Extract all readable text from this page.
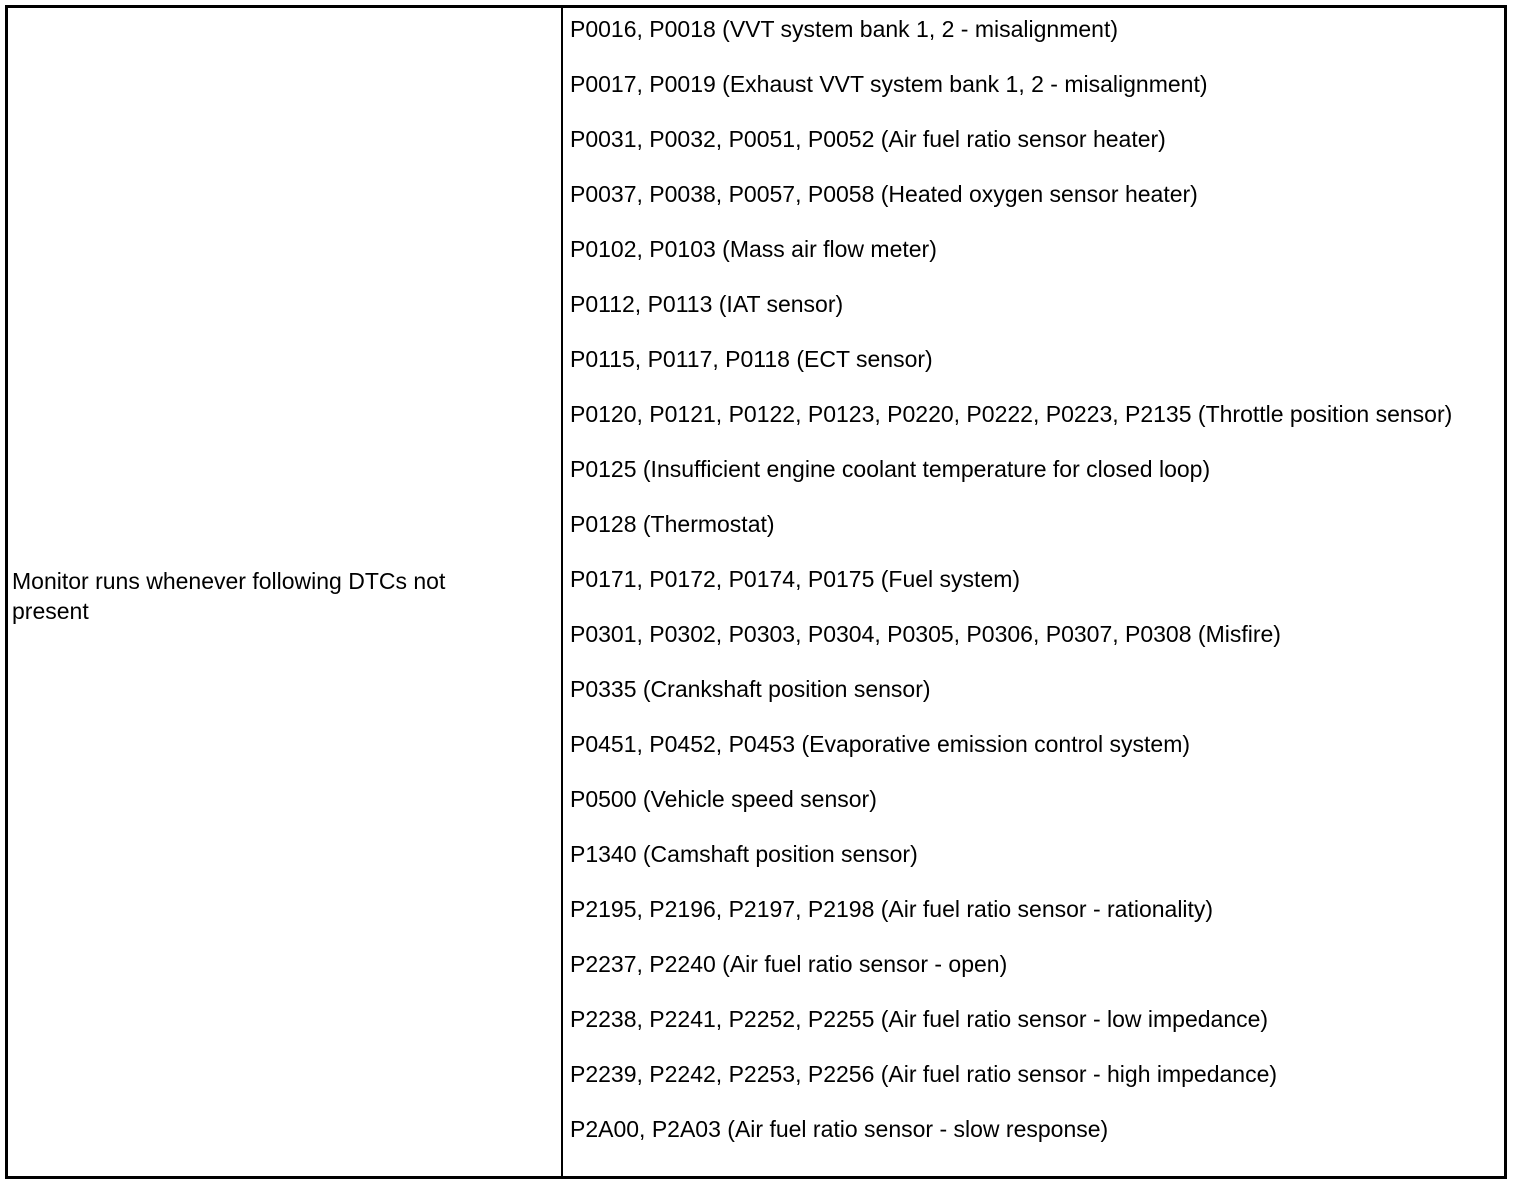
Monitor runs whenever following DTCs not present
P0016, P0018 (VVT system bank 1, 2 - misalignment)
P0017, P0019 (Exhaust VVT system bank 1, 2 - misalignment)
P0031, P0032, P0051, P0052 (Air fuel ratio sensor heater)
P0037, P0038, P0057, P0058 (Heated oxygen sensor heater)
P0102, P0103 (Mass air flow meter)
P0112, P0113 (IAT sensor)
P0115, P0117, P0118 (ECT sensor)
P0120, P0121, P0122, P0123, P0220, P0222, P0223, P2135 (Throttle position sensor)
P0125 (Insufficient engine coolant temperature for closed loop)
P0128 (Thermostat)
P0171, P0172, P0174, P0175 (Fuel system)
P0301, P0302, P0303, P0304, P0305, P0306, P0307, P0308 (Misfire)
P0335 (Crankshaft position sensor)
P0451, P0452, P0453 (Evaporative emission control system)
P0500 (Vehicle speed sensor)
P1340 (Camshaft position sensor)
P2195, P2196, P2197, P2198 (Air fuel ratio sensor - rationality)
P2237, P2240 (Air fuel ratio sensor - open)
P2238, P2241, P2252, P2255 (Air fuel ratio sensor - low impedance)
P2239, P2242, P2253, P2256 (Air fuel ratio sensor - high impedance)
P2A00, P2A03 (Air fuel ratio sensor - slow response)
